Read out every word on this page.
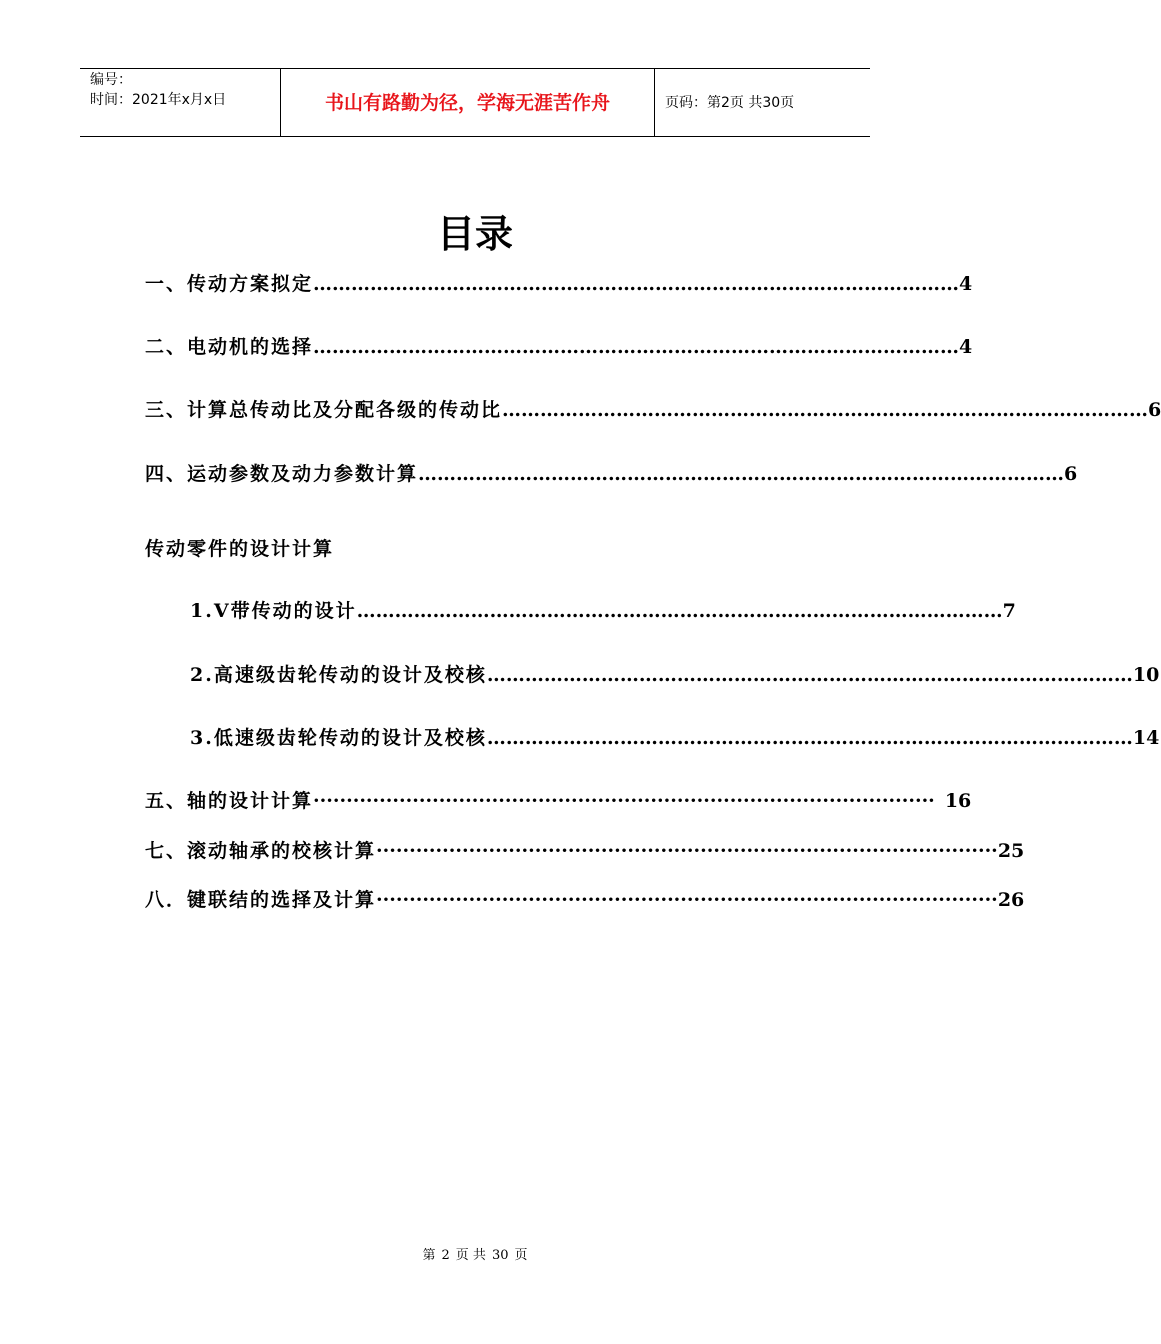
编号：
时间：2021年x月x日	书山有路勤为径，学海无涯苦作舟	页码：第2页 共30页
目录
一、传动方案拟定 ………………………………………………………………………………………… 4
二、电动机的选择 ………………………………………………………………………………………… 4
三、计算总传动比及分配各级的传动比 ………………………………………………………………………………………… 6
四、运动参数及动力参数计算 ………………………………………………………………………………………… 6
传动零件的设计计算
1.V带传动的设计 ………………………………………………………………………………………… 7
2.高速级齿轮传动的设计及校核 ………………………………………………………………………………………… 10
3.低速级齿轮传动的设计及校核 ………………………………………………………………………………………… 14
五、轴的设计计算 ······························································································ 16
七、滚动轴承的校核计算 ······························································································ 25
八．键联结的选择及计算 ······························································································ 26
第 2 页 共 30 页
